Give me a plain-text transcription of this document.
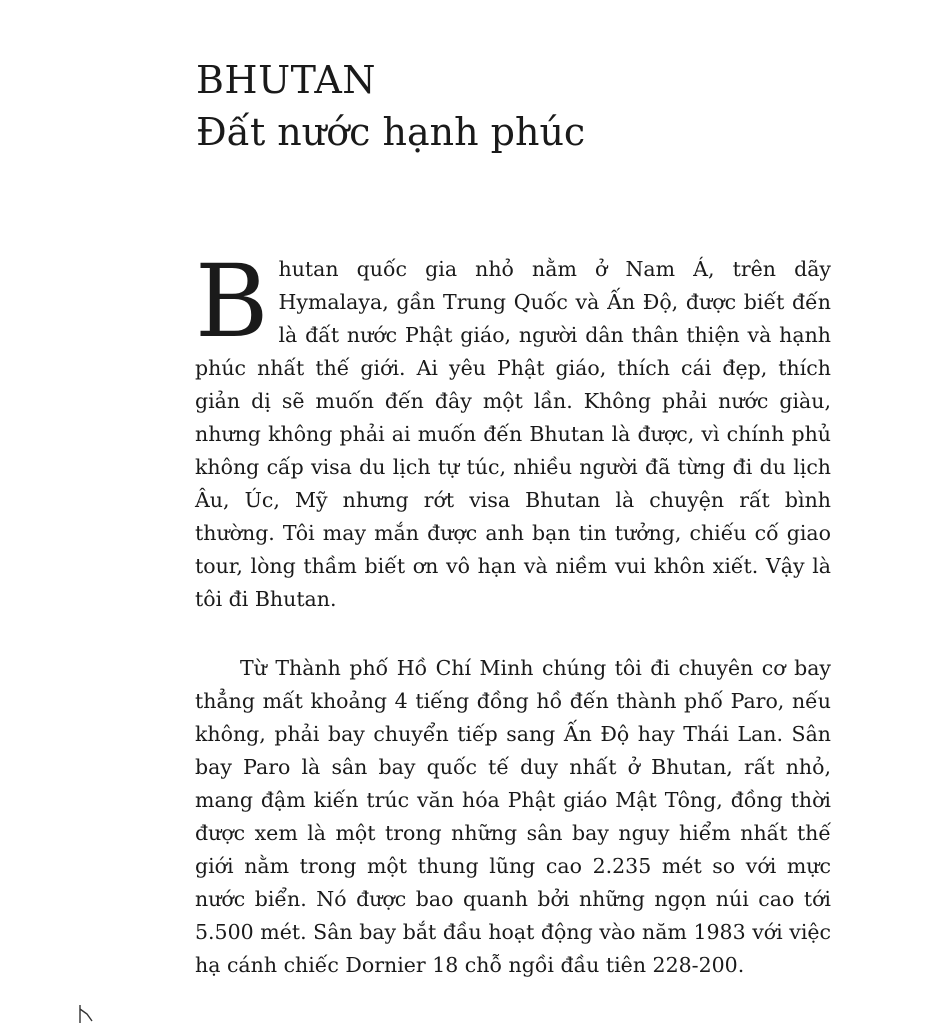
BHUTAN
Đất nước hạnh phúc

Bhutan quốc gia nhỏ nằm ở Nam Á, trên dãy Hymalaya, gần Trung Quốc và Ấn Độ, được biết đến là đất nước Phật giáo, người dân thân thiện và hạnh phúc nhất thế giới. Ai yêu Phật giáo, thích cái đẹp, thích giản dị sẽ muốn đến đây một lần. Không phải nước giàu, nhưng không phải ai muốn đến Bhutan là được, vì chính phủ không cấp visa du lịch tự túc, nhiều người đã từng đi du lịch Âu, Úc, Mỹ nhưng rớt visa Bhutan là chuyện rất bình thường. Tôi may mắn được anh bạn tin tưởng, chiếu cố giao tour, lòng thầm biết ơn vô hạn và niềm vui khôn xiết. Vậy là tôi đi Bhutan.

Từ Thành phố Hồ Chí Minh chúng tôi đi chuyên cơ bay thẳng mất khoảng 4 tiếng đồng hồ đến thành phố Paro, nếu không, phải bay chuyển tiếp sang Ấn Độ hay Thái Lan. Sân bay Paro là sân bay quốc tế duy nhất ở Bhutan, rất nhỏ, mang đậm kiến trúc văn hóa Phật giáo Mật Tông, đồng thời được xem là một trong những sân bay nguy hiểm nhất thế giới nằm trong một thung lũng cao 2.235 mét so với mực nước biển. Nó được bao quanh bởi những ngọn núi cao tới 5.500 mét. Sân bay bắt đầu hoạt động vào năm 1983 với việc hạ cánh chiếc Dornier 18 chỗ ngồi đầu tiên 228-200.
